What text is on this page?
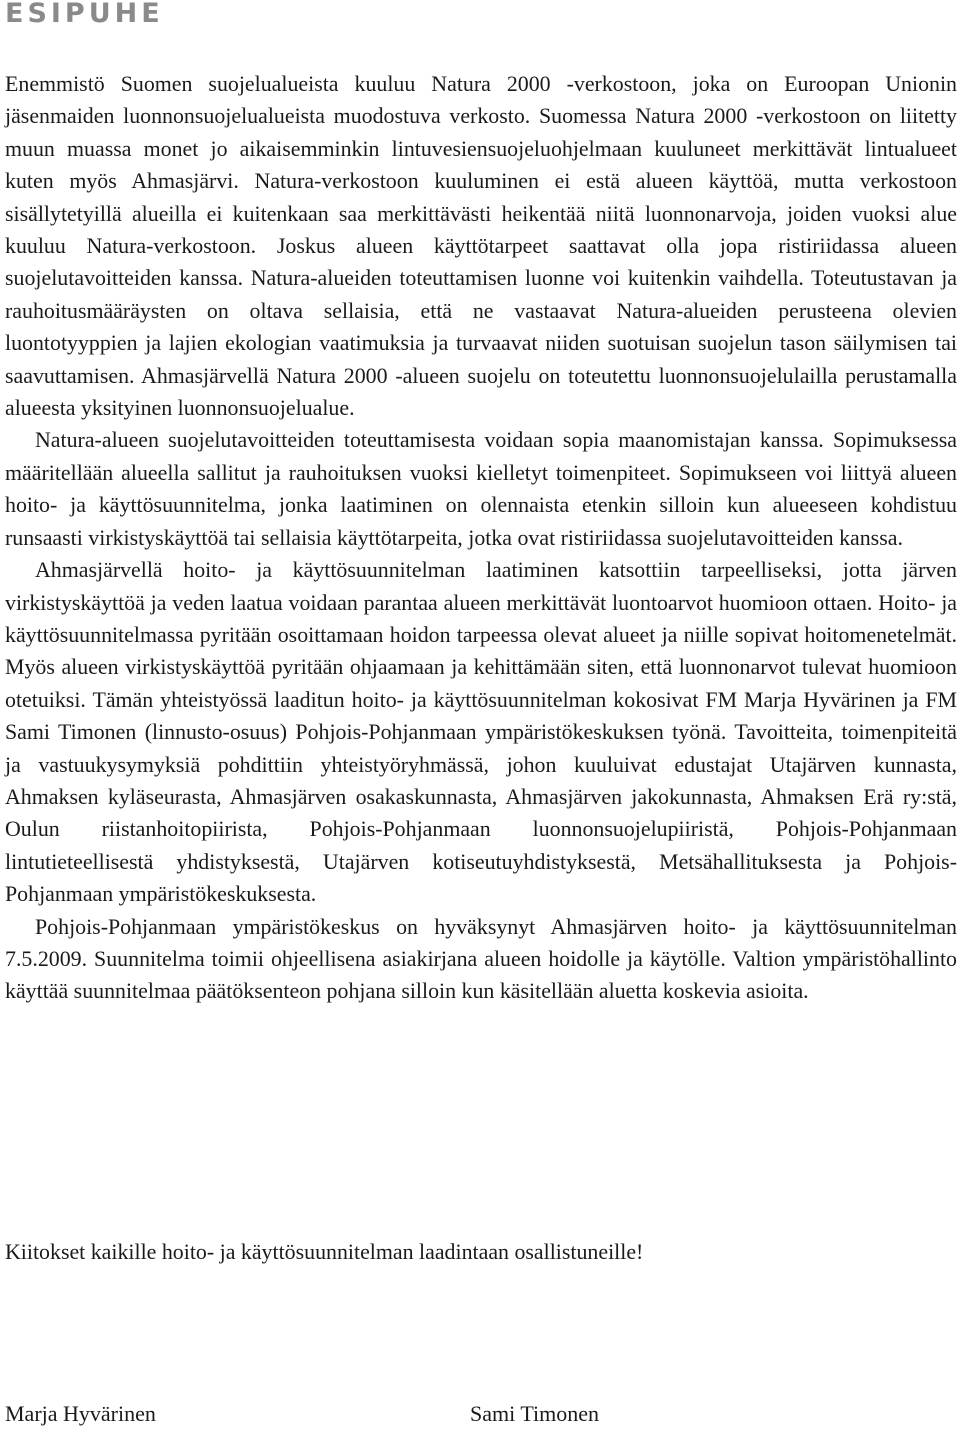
ESIPUHE

Enemmistö Suomen suojelualueista kuuluu Natura 2000 -verkostoon, joka on Euroopan Unionin jäsenmaiden luonnonsuojelualueista muodostuva verkosto. Suomessa Natura 2000 -verkostoon on liitetty muun muassa monet jo aikaisemminkin lintuvesiensuojeluohjelmaan kuuluneet merkittävät lintualueet kuten myös Ahmasjärvi. Natura-verkostoon kuuluminen ei estä alueen käyttöä, mutta verkostoon sisällytetyillä alueilla ei kuitenkaan saa merkittävästi heikentää niitä luonnonarvoja, joiden vuoksi alue kuuluu Natura-verkostoon. Joskus alueen käyttötarpeet saattavat olla jopa ristiriidassa alueen suojelutavoitteiden kanssa. Natura-alueiden toteuttamisen luonne voi kuitenkin vaihdella. Toteutustavan ja rauhoitusmääräysten on oltava sellaisia, että ne vastaavat Natura-alueiden perusteena olevien luontotyyppien ja lajien ekologian vaatimuksia ja turvaavat niiden suotuisan suojelun tason säilymisen tai saavuttamisen. Ahmasjärvellä Natura 2000 -alueen suojelu on toteutettu luonnonsuojelulailla perustamalla alueesta yksityinen luonnonsuojelualue.

Natura-alueen suojelutavoitteiden toteuttamisesta voidaan sopia maanomistajan kanssa. Sopimuksessa määritellään alueella sallitut ja rauhoituksen vuoksi kielletyt toimenpiteet. Sopimukseen voi liittyä alueen hoito- ja käyttösuunnitelma, jonka laatiminen on olennaista etenkin silloin kun alueeseen kohdistuu runsaasti virkistyskäyttöä tai sellaisia käyttötarpeita, jotka ovat ristiriidassa suojelutavoitteiden kanssa.

Ahmasjärvellä hoito- ja käyttösuunnitelman laatiminen katsottiin tarpeelliseksi, jotta järven virkistyskäyttöä ja veden laatua voidaan parantaa alueen merkittävät luontoarvot huomioon ottaen. Hoito- ja käyttösuunnitelmassa pyritään osoittamaan hoidon tarpeessa olevat alueet ja niille sopivat hoitomenetelmät. Myös alueen virkistyskäyttöä pyritään ohjaamaan ja kehittämään siten, että luonnonarvot tulevat huomioon otetuiksi. Tämän yhteistyössä laaditun hoito- ja käyttösuunnitelman kokosivat FM Marja Hyvärinen ja FM Sami Timonen (linnusto-osuus) Pohjois-Pohjanmaan ympäristökeskuksen työnä. Tavoitteita, toimenpiteitä ja vastuukysymyksiä pohdittiin yhteistyöryhmässä, johon kuuluivat edustajat Utajärven kunnasta, Ahmaksen kyläseurasta, Ahmasjärven osakaskunnasta, Ahmasjärven jakokunnasta, Ahmaksen Erä ry:stä, Oulun riistanhoitopiirista, Pohjois-Pohjanmaan luonnonsuojelupiiristä, Pohjois-Pohjanmaan lintutieteellisestä yhdistyksestä, Utajärven kotiseutuyhdistyksestä, Metsähallituksesta ja Pohjois-Pohjanmaan ympäristökeskuksesta.

Pohjois-Pohjanmaan ympäristökeskus on hyväksynyt Ahmasjärven hoito- ja käyttösuunnitelman 7.5.2009. Suunnitelma toimii ohjeellisena asiakirjana alueen hoidolle ja käytölle. Valtion ympäristöhallinto käyttää suunnitelmaa päätöksenteon pohjana silloin kun käsitellään aluetta koskevia asioita.

Kiitokset kaikille hoito- ja käyttösuunnitelman laadintaan osallistuneille!

Marja Hyvärinen	Sami Timonen
